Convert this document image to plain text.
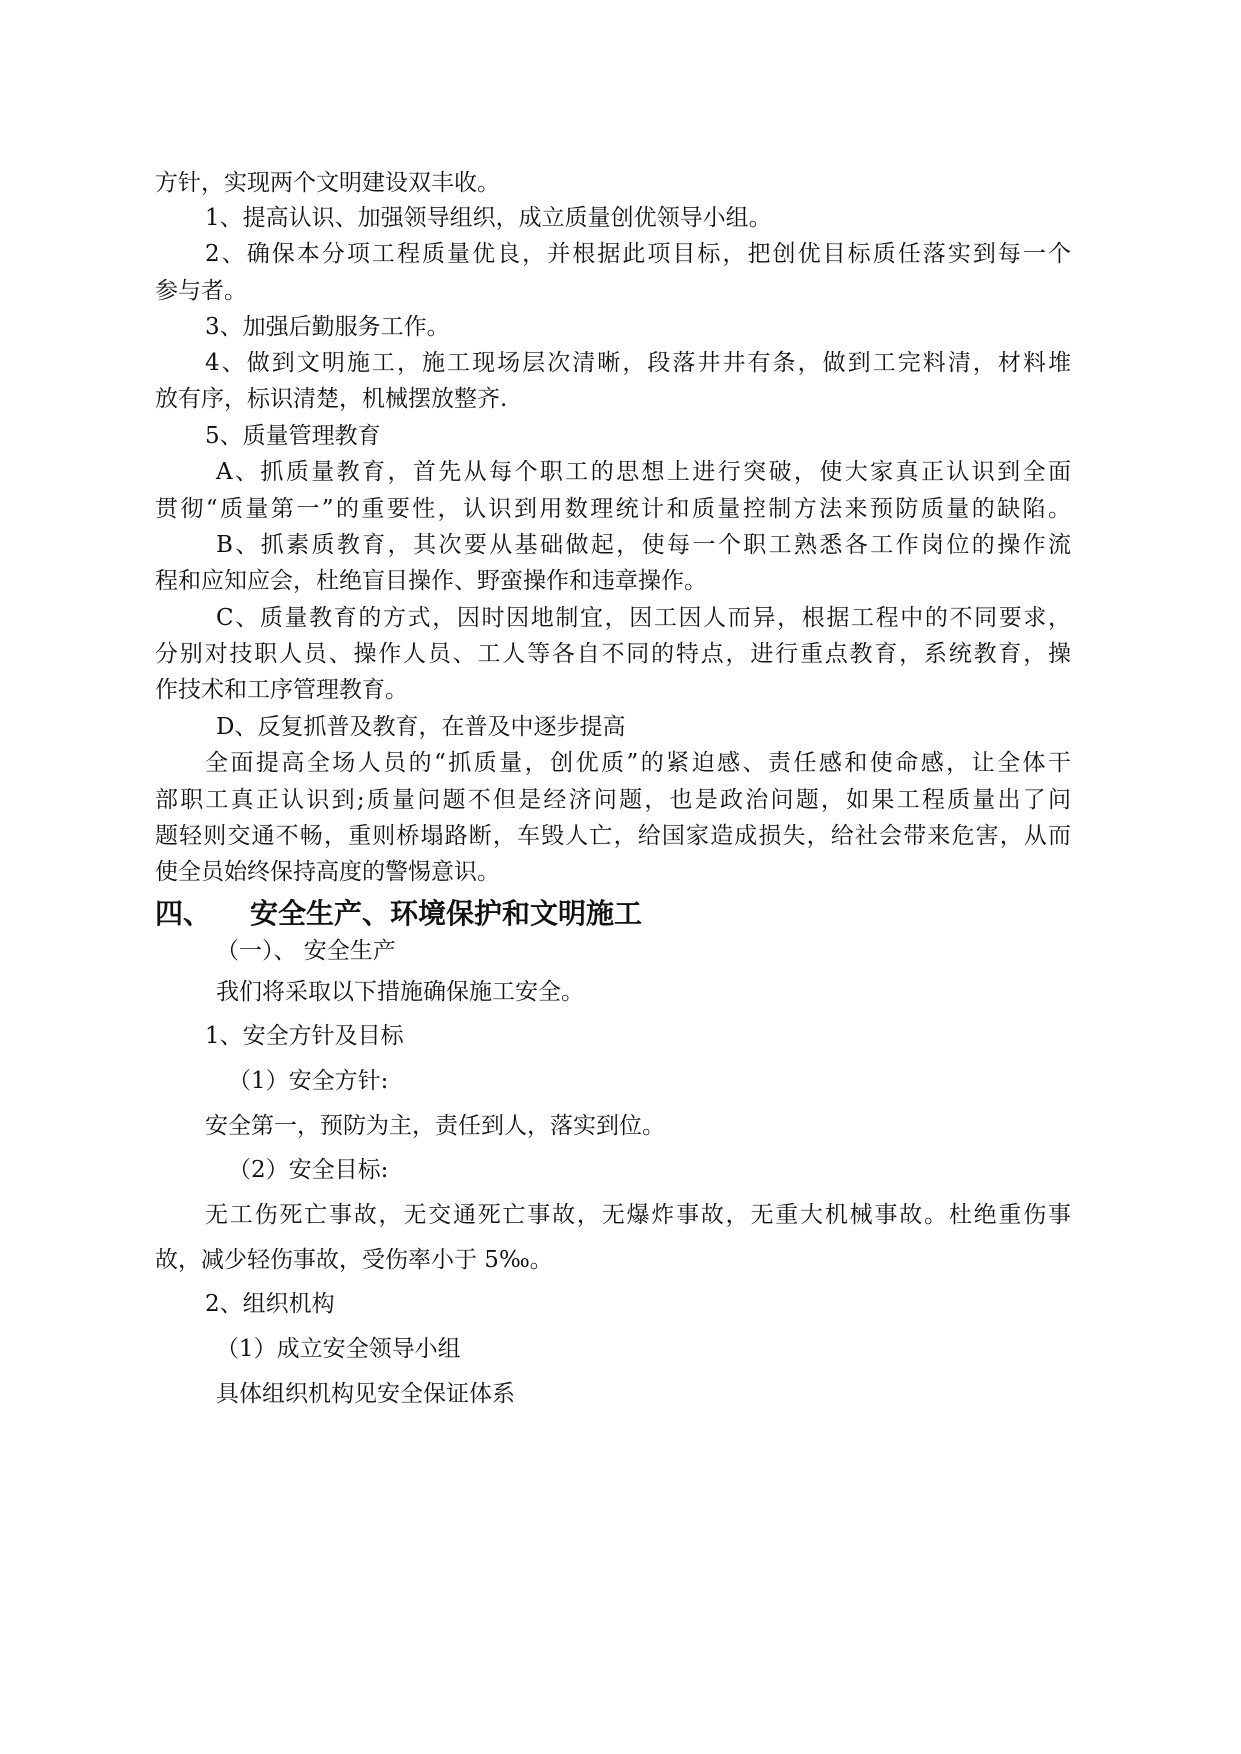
方针，实现两个文明建设双丰收。
1、提高认识、加强领导组织，成立质量创优领导小组。
2、确保本分项工程质量优良，并根据此项目标，把创优目标质任落实到每一个
参与者。
3、加强后勤服务工作。
4、做到文明施工，施工现场层次清晰，段落井井有条，做到工完料清，材料堆
放有序，标识清楚，机械摆放整齐.
5、质量管理教育
A、抓质量教育，首先从每个职工的思想上进行突破，使大家真正认识到全面
贯彻“质量第一”的重要性，认识到用数理统计和质量控制方法来预防质量的缺陷。
B、抓素质教育，其次要从基础做起，使每一个职工熟悉各工作岗位的操作流
程和应知应会，杜绝盲目操作、野蛮操作和违章操作。
C、质量教育的方式，因时因地制宜，因工因人而异，根据工程中的不同要求，
分别对技职人员、操作人员、工人等各自不同的特点，进行重点教育，系统教育，操
作技术和工序管理教育。
D、反复抓普及教育，在普及中逐步提高
全面提高全场人员的“抓质量，创优质”的紧迫感、责任感和使命感，让全体干
部职工真正认识到;质量问题不但是经济问题，也是政治问题，如果工程质量出了问
题轻则交通不畅，重则桥塌路断，车毁人亡，给国家造成损失，给社会带来危害，从而
使全员始终保持高度的警惕意识。
四、 安全生产、环境保护和文明施工
（一）、 安全生产
我们将采取以下措施确保施工安全。
1、安全方针及目标
（1）安全方针:
安全第一，预防为主，责任到人，落实到位。
（2）安全目标:
无工伤死亡事故，无交通死亡事故，无爆炸事故，无重大机械事故。杜绝重伤事
故，减少轻伤事故，受伤率小于 5‰。
2、组织机构
（1）成立安全领导小组
具体组织机构见安全保证体系
